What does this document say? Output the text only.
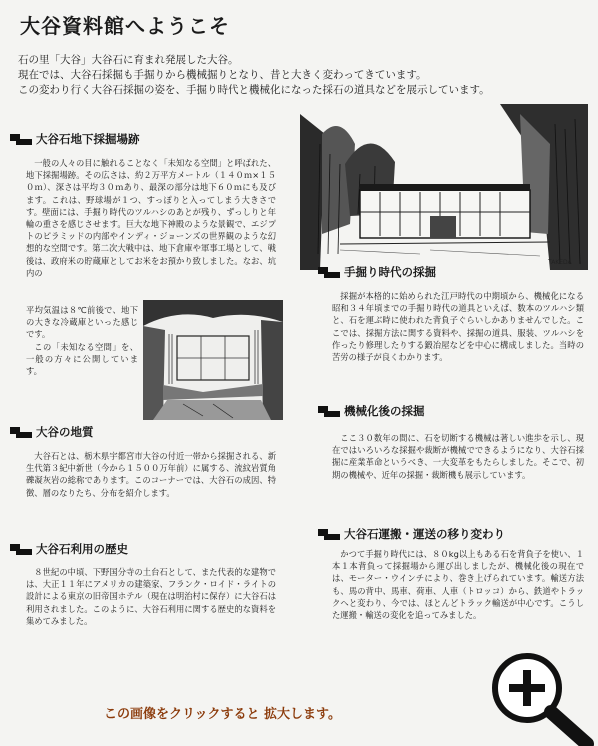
大谷資料館へようこそ
石の里「大谷」大谷石に育まれ発展した大谷。
現在では、大谷石採掘も手掘りから機械掘りとなり、昔と大きく変わってきています。
この変わり行く大谷石採掘の姿を、手掘り時代と機械化になった採石の道具などを展示しています。
大谷石地下採掘場跡
一般の人々の目に触れることなく「未知なる空間」と呼ばれた、地下採掘場跡。その広さは、約２万平方メートル（１４０ｍ×１５０ｍ）、深さは平均３０ｍあり、最深の部分は地下６０ｍにも及びます。これは、野球場が１つ、すっぽりと入ってしまう大きさです。壁面には、手掘り時代のツルハシのあとが残り、ずっしりと年輪の重さを感じさせます。巨大な地下神殿のような景観で、エジプトのピラミッドの内部やインディ・ジョーンズの世界観のような幻想的な空間です。第二次大戦中は、地下倉庫や軍事工場として、戦後は、政府米の貯蔵庫としてお米をお預かり致しました。なお、坑内の
平均気温は８℃前後で、地下の大きな冷蔵庫といった感じです。
この「未知なる空間」を、一般の方々に公開しています。
大谷の地質
大谷石とは、栃木県宇都宮市大谷の付近一帯から採掘される、新生代第３紀中新世（今から１５００万年前）に属する、流紋岩質角礫凝灰岩の総称であります。このコーナーでは、大谷石の成因、特徴、層のなりたち、分布を紹介します。
大谷石利用の歴史
８世紀の中頃、下野国分寺の土台石として、また代表的な建物では、大正１１年にアメリカの建築家、フランク・ロイド・ライトの設計による東京の旧帝国ホテル（現在は明治村に保存）に大谷石は利用されました。このように、大谷石利用に関する歴史的な資料を集めてみました。
TAKEDA
手掘り時代の採掘
採掘が本格的に始められた江戸時代の中期頃から、機械化になる昭和３４年頃までの手掘り時代の道具といえば、数本のツルハシ類と、石を運ぶ時に使われた背負子ぐらいしかありませんでした。ここでは、採掘方法に関する資料や、採掘の道具、服装、ツルハシを作ったり修理したりする鍛冶屋などを中心に構成しました。当時の苦労の様子が良くわかります。
機械化後の採掘
ここ３０数年の間に、石を切断する機械は著しい進歩を示し、現在ではいろいろな採掘や裁断が機械でできるようになり、大谷石採掘に産業革命というべき、一大変革をもたらしました。そこで、初期の機械や、近年の採掘・裁断機も展示しています。
大谷石運搬・運送の移り変わり
かつて手掘り時代には、８０kg以上もある石を背負子を使い、１本１本背負って採掘場から運び出しましたが、機械化後の現在では、モーター・ウインチにより、巻き上げられています。輸送方法も、馬の背中、馬車、荷車、人車（トロッコ）から、鉄道やトラックへと変わり、今では、ほとんどトラック輸送が中心です。こうした運搬・輸送の変化を追ってみました。
この画像をクリックすると 拡大します。
